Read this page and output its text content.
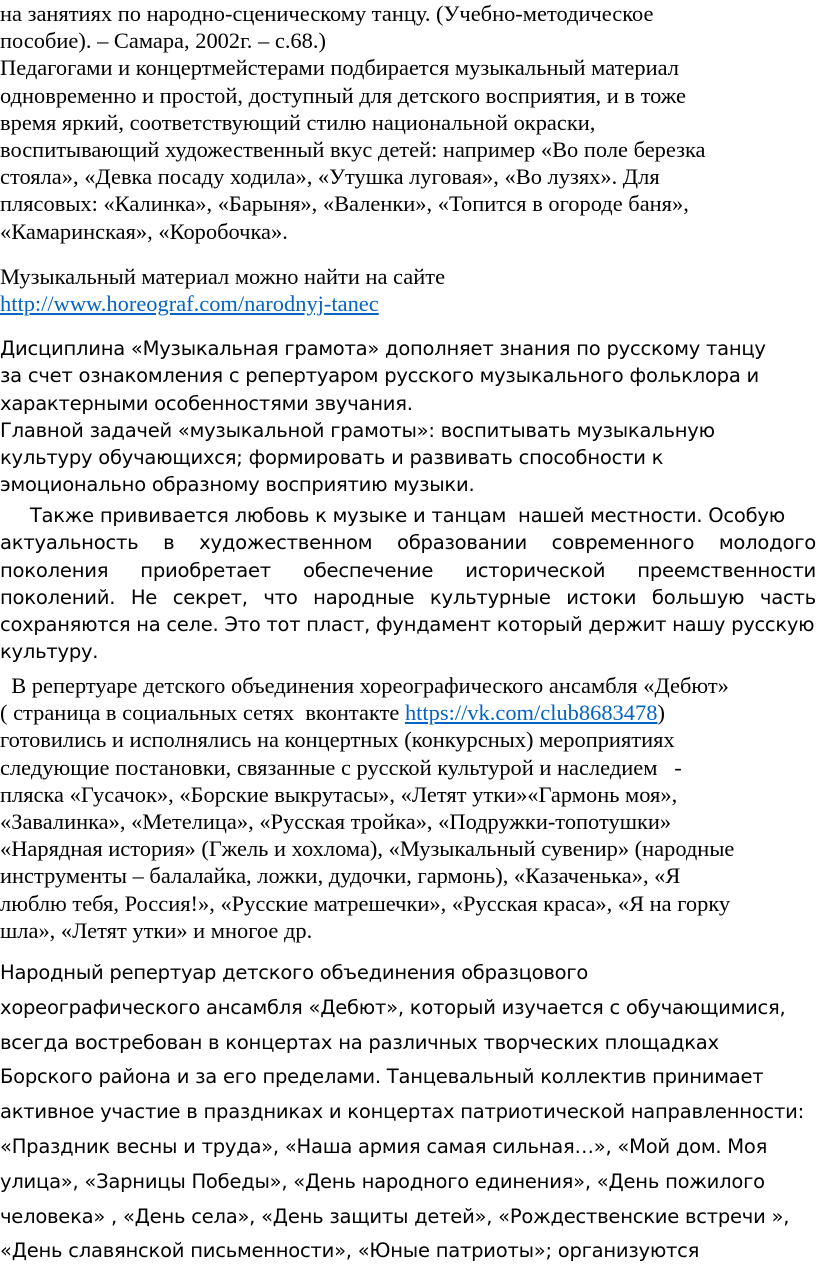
на занятиях по народно-сценическому танцу. (Учебно-методическое
пособие). – Самара, 2002г. – с.68.)
Педагогами и концертмейстерами подбирается музыкальный материал
одновременно и простой, доступный для детского восприятия, и в тоже
время яркий, соответствующий стилю национальной окраски,
воспитывающий художественный вкус детей: например «Во поле березка
стояла», «Девка посаду ходила», «Утушка луговая», «Во лузях». Для
плясовых: «Калинка», «Барыня», «Валенки», «Топится в огороде баня»,
«Камаринская», «Коробочка».
Музыкальный материал можно найти на сайте
http://www.horeograf.com/narodnyj-tanec
Дисциплина «Музыкальная грамота» дополняет знания по русскому танцу
за счет ознакомления с репертуаром русского музыкального фольклора и
характерными особенностями звучания.
Главной задачей «музыкальной грамоты»: воспитывать музыкальную
культуру обучающихся; формировать и развивать способности к
эмоционально образному восприятию музыки.
Также прививается любовь к музыке и танцам  нашей местности. Особую
актуальность в художественном образовании современного молодого
поколения приобретает обеспечение исторической преемственности
поколений. Не секрет, что народные культурные истоки большую часть
сохраняются на селе. Это тот пласт, фундамент который держит нашу русскую
культуру.
В репертуаре детского объединения хореографического ансамбля «Дебют»
( страница в социальных сетях  вконтакте https://vk.com/club8683478)
готовились и исполнялись на концертных (конкурсных) мероприятиях
следующие постановки, связанные с русской культурой и наследием   -
пляска «Гусачок», «Борские выкрутасы», «Летят утки»«Гармонь моя»,
«Завалинка», «Метелица», «Русская тройка», «Подружки-топотушки»
«Нарядная история» (Гжель и хохлома), «Музыкальный сувенир» (народные
инструменты – балалайка, ложки, дудочки, гармонь), «Казаченька», «Я
люблю тебя, Россия!», «Русские матрешечки», «Русская краса», «Я на горку
шла», «Летят утки» и многое др.
Народный репертуар детского объединения образцового
хореографического ансамбля «Дебют», который изучается с обучающимися,
всегда востребован в концертах на различных творческих площадках
Борского района и за его пределами. Танцевальный коллектив принимает
активное участие в праздниках и концертах патриотической направленности:
«Праздник весны и труда», «Наша армия самая сильная…», «Мой дом. Моя
улица», «Зарницы Победы», «День народного единения», «День пожилого
человека» , «День села», «День защиты детей», «Рождественские встречи »,
«День славянской письменности», «Юные патриоты»; организуются
